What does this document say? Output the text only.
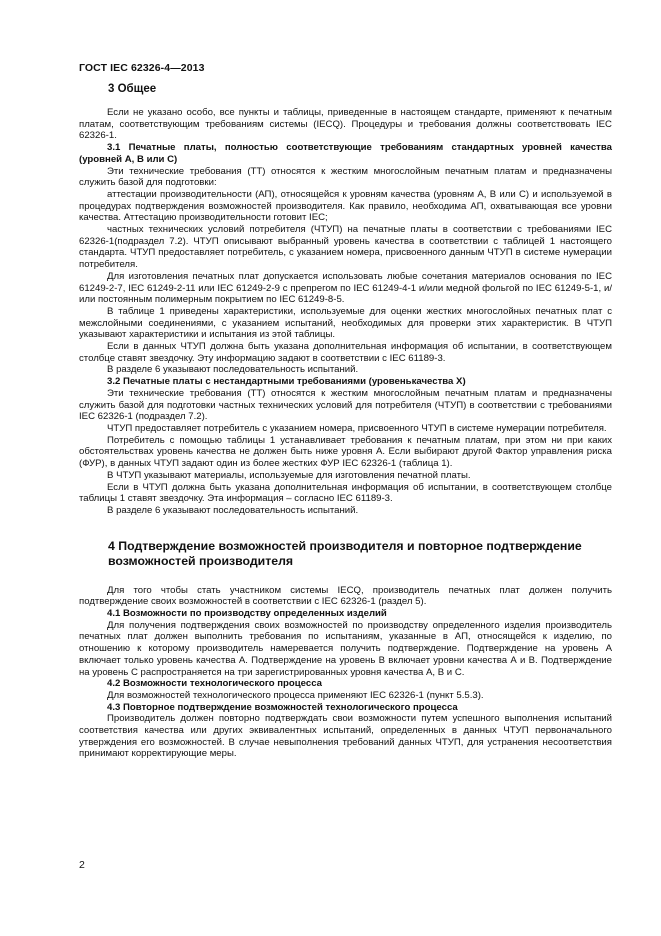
ГОСТ IEC 62326-4—2013
3 Общее

Если не указано особо, все пункты и таблицы, приведенные в настоящем стандарте, применяют к печатным платам, соответствующим требованиям системы (IECQ). Процедуры и требования должны соответствовать IEC 62326-1.

3.1 Печатные платы, полностью соответствующие требованиям стандартных уровней качества (уровней А, В или С)

Эти технические требования (ТТ) относятся к жестким многослойным печатным платам и предназначены служить базой для подготовки:

аттестации производительности (АП), относящейся к уровням качества (уровням А, В или С) и используемой в процедурах подтверждения возможностей производителя. Как правило, необходима АП, охватывающая все уровни качества. Аттестацию производительности готовит IEC;

частных технических условий потребителя (ЧТУП) на печатные платы в соответствии с требованиями IEC 62326-1(подраздел 7.2). ЧТУП описывают выбранный уровень качества в соответствии с таблицей 1 настоящего стандарта. ЧТУП предоставляет потребитель, с указанием номера, присвоенного данным ЧТУП в системе нумерации потребителя.

Для изготовления печатных плат допускается использовать любые сочетания материалов основания по IEC 61249-2-7, IEC 61249-2-11 или IEC 61249-2-9 с препрегом по IEC 61249-4-1 и/или медной фольгой по IEC 61249-5-1, и/или постоянным полимерным покрытием по IEC 61249-8-5.

В таблице 1 приведены характеристики, используемые для оценки жестких многослойных печатных плат с межслойными соединениями, с указанием испытаний, необходимых для проверки этих характеристик. В ЧТУП указывают характеристики и испытания из этой таблицы.

Если в данных ЧТУП должна быть указана дополнительная информация об испытании, в соответствующем столбце ставят звездочку. Эту информацию задают в соответствии с IEC 61189-3.

В разделе 6 указывают последовательность испытаний.

3.2 Печатные платы с нестандартными требованиями (уровенькачества X)

Эти технические требования (ТТ) относятся к жестким многослойным печатным платам и предназначены служить базой для подготовки частных технических условий для потребителя (ЧТУП) в соответствии с требованиями IEC 62326-1 (подраздел 7.2).

ЧТУП предоставляет потребитель с указанием номера, присвоенного ЧТУП в системе нумерации потребителя.

Потребитель с помощью таблицы 1 устанавливает требования к печатным платам, при этом ни при каких обстоятельствах уровень качества не должен быть ниже уровня А. Если выбирают другой Фактор управления риска (ФУР), в данных ЧТУП задают один из более жестких ФУР IEC 62326-1 (таблица 1).

В ЧТУП указывают материалы, используемые для изготовления печатной платы.

Если в ЧТУП должна быть указана дополнительная информация об испытании, в соответствующем столбце таблицы 1 ставят звездочку. Эта информация – согласно IEC 61189-3.

В разделе 6 указывают последовательность испытаний.

4 Подтверждение возможностей производителя и повторное подтверждение возможностей производителя

Для того чтобы стать участником системы IECQ, производитель печатных плат должен получить подтверждение своих возможностей в соответствии с IEC 62326-1 (раздел 5).

4.1 Возможности по производству определенных изделий

Для получения подтверждения своих возможностей по производству определенного изделия производитель печатных плат должен выполнить требования по испытаниям, указанные в АП, относящейся к изделию, по отношению к которому производитель намеревается получить подтверждение. Подтверждение на уровень А включает только уровень качества А. Подтверждение на уровень В включает уровни качества А и В. Подтверждение на уровень С распространяется на три зарегистрированных уровня качества А, В и С.

4.2 Возможности технологического процесса

Для возможностей технологического процесса применяют IEC 62326-1 (пункт 5.5.3).

4.3 Повторное подтверждение возможностей технологического процесса

Производитель должен повторно подтверждать свои возможности путем успешного выполнения испытаний соответствия качества или других эквивалентных испытаний, определенных в данных ЧТУП первоначального утверждения его возможностей. В случае невыполнения требований данных ЧТУП, для устранения несоответствия принимают корректирующие меры.

2
